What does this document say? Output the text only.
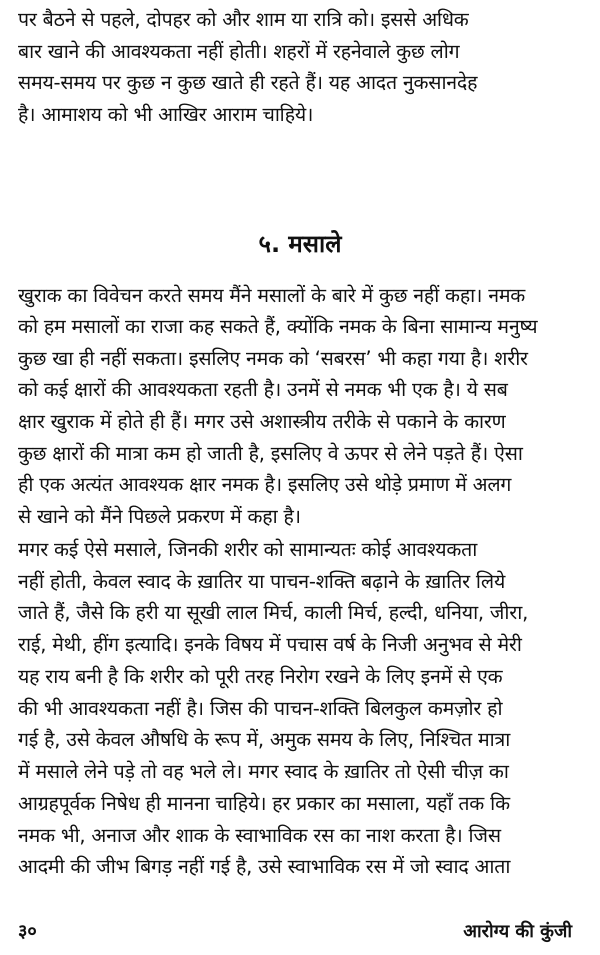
पर बैठने से पहले, दोपहर को और शाम या रात्रि को। इससे अधिक
बार खाने की आवश्यकता नहीं होती। शहरों में रहनेवाले कुछ लोग
समय-समय पर कुछ न कुछ खाते ही रहते हैं। यह आदत नुकसानदेह
है। आमाशय को भी आखिर आराम चाहिये।
५. मसाले
खुराक का विवेचन करते समय मैंने मसालों के बारे में कुछ नहीं कहा। नमक
को हम मसालों का राजा कह सकते हैं, क्योंकि नमक के बिना सामान्य मनुष्य
कुछ खा ही नहीं सकता। इसलिए नमक को ‘सबरस’ भी कहा गया है। शरीर
को कई क्षारों की आवश्यकता रहती है। उनमें से नमक भी एक है। ये सब
क्षार खुराक में होते ही हैं। मगर उसे अशास्त्रीय तरीके से पकाने के कारण
कुछ क्षारों की मात्रा कम हो जाती है, इसलिए वे ऊपर से लेने पड़ते हैं। ऐसा
ही एक अत्यंत आवश्यक क्षार नमक है। इसलिए उसे थोड़े प्रमाण में अलग
से खाने को मैंने पिछले प्रकरण में कहा है।
मगर कई ऐसे मसाले, जिनकी शरीर को सामान्यतः कोई आवश्यकता
नहीं होती, केवल स्वाद के ख़ातिर या पाचन-शक्ति बढ़ाने के ख़ातिर लिये
जाते हैं, जैसे कि हरी या सूखी लाल मिर्च, काली मिर्च, हल्दी, धनिया, जीरा,
राई, मेथी, हींग इत्यादि। इनके विषय में पचास वर्ष के निजी अनुभव से मेरी
यह राय बनी है कि शरीर को पूरी तरह निरोग रखने के लिए इनमें से एक
की भी आवश्यकता नहीं है। जिस की पाचन-शक्ति बिलकुल कमज़ोर हो
गई है, उसे केवल औषधि के रूप में, अमुक समय के लिए, निश्चित मात्रा
में मसाले लेने पड़े तो वह भले ले। मगर स्वाद के ख़ातिर तो ऐसी चीज़ का
आग्रहपूर्वक निषेध ही मानना चाहिये। हर प्रकार का मसाला, यहाँ तक कि
नमक भी, अनाज और शाक के स्वाभाविक रस का नाश करता है। जिस
आदमी की जीभ बिगड़ नहीं गई है, उसे स्वाभाविक रस में जो स्वाद आता
३०	आरोग्य की कुंजी
